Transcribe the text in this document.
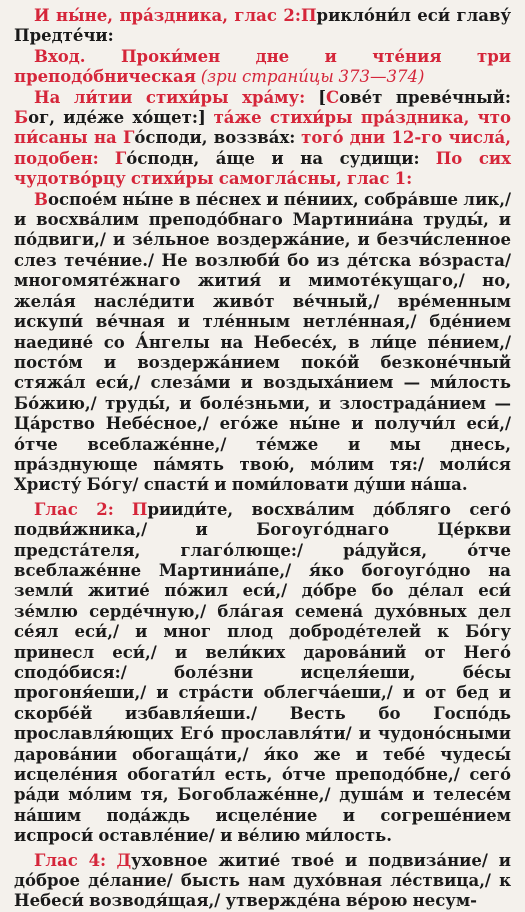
И ны́не, пра́здника, глас 2:Прикло́ни́л еси́ главу́ Предте́чи:

Вход. Проки́мен дне и чте́ния три преподо́бническая (зри страни́цы 373—374)

На ли́тии стихи́ры хра́му: [Сове́т преве́чный: Бог, иде́же хо́щет:] та́же стихи́ры пра́здника, что пи́саны на Го́споди, воззва́х: того́ дни 12-го числа́, подобен: Го́сподн, а́ще и на судищи: По сих чудотво́рцу стихи́ры самогла́сны, глас 1:

Воспое́м ны́не в пе́снех и пе́ниих, собра́вше лик,/ и восхва́лим преподо́бнаго Мартиниа́на труды́, и по́двиги,/ и зе́льное воздержа́ние, и безчи́сленное слез тече́ние./ Не возлюби́ бо из де́тска во́зраста/ многомяте́жнаго жития́ и мимоте́кущаго,/ но, жела́я насле́дити живо́т ве́чный,/ вре́менным искупи́ ве́чная и тле́нным нетле́нная,/ бде́нием наедине́ со А́нгелы на Небесе́х, в ли́це пе́нием,/ посто́м и воздержа́нием поко́й безконе́чный стяжа́л еси́,/ слеза́ми и воздыха́нием — ми́лость Бо́жию,/ труды́, и боле́зньми, и злострада́нием — Ца́рство Небе́сное,/ его́же ны́не и получи́л еси́,/ о́тче всеблаже́нне,/ те́мже и мы днесь, пра́зднующе па́мять твою́, мо́лим тя:/ моли́ся Христу́ Бо́гу/ спасти́ и поми́ловати ду́ши на́ша.

Глас 2: Прииди́те, восхва́лим до́бляго сего́ подви́жника,/ и Богоуго́днаго Це́ркви предста́теля, глаго́люще:/ ра́дуйся, о́тче всеблаже́нне Мартиниа́пе,/ я́ко богоуго́дно на земли́ житие́ по́жил еси́,/ до́бре бо де́лал еси́ зе́млю серде́чную,/ бла́гая семена́ духо́вных дел се́ял еси́,/ и мног плод доброде́телей к Бо́гу принесл еси́,/ и вели́ких дарова́ний от Него́ сподо́бися:/ боле́зни исцеля́еши, бе́сы прогоня́еши,/ и стра́сти облегча́еши,/ и от бед и скорбе́й избавля́еши./ Весть бо Госпо́дь прославля́ющих Его́ прославля́ти/ и чудоно́сными дарова́нии обогаща́ти,/ я́ко же и тебе́ чудесы́ исцеле́ния обогати́л есть, о́тче преподо́бне,/ сего́ ра́ди мо́лим тя, Богоблаже́нне,/ душа́м и телесе́м на́шим пода́ждь исцеле́ние и согреше́нием испроси́ оставле́ние/ и ве́лию ми́лость.

Глас 4: Духовное житие́ твое́ и подвиза́ние/ и до́брое де́лание/ бысть нам духо́вная ле́ствица,/ к Небеси́ возводя́щая,/ утвержде́на ве́рою несум-
